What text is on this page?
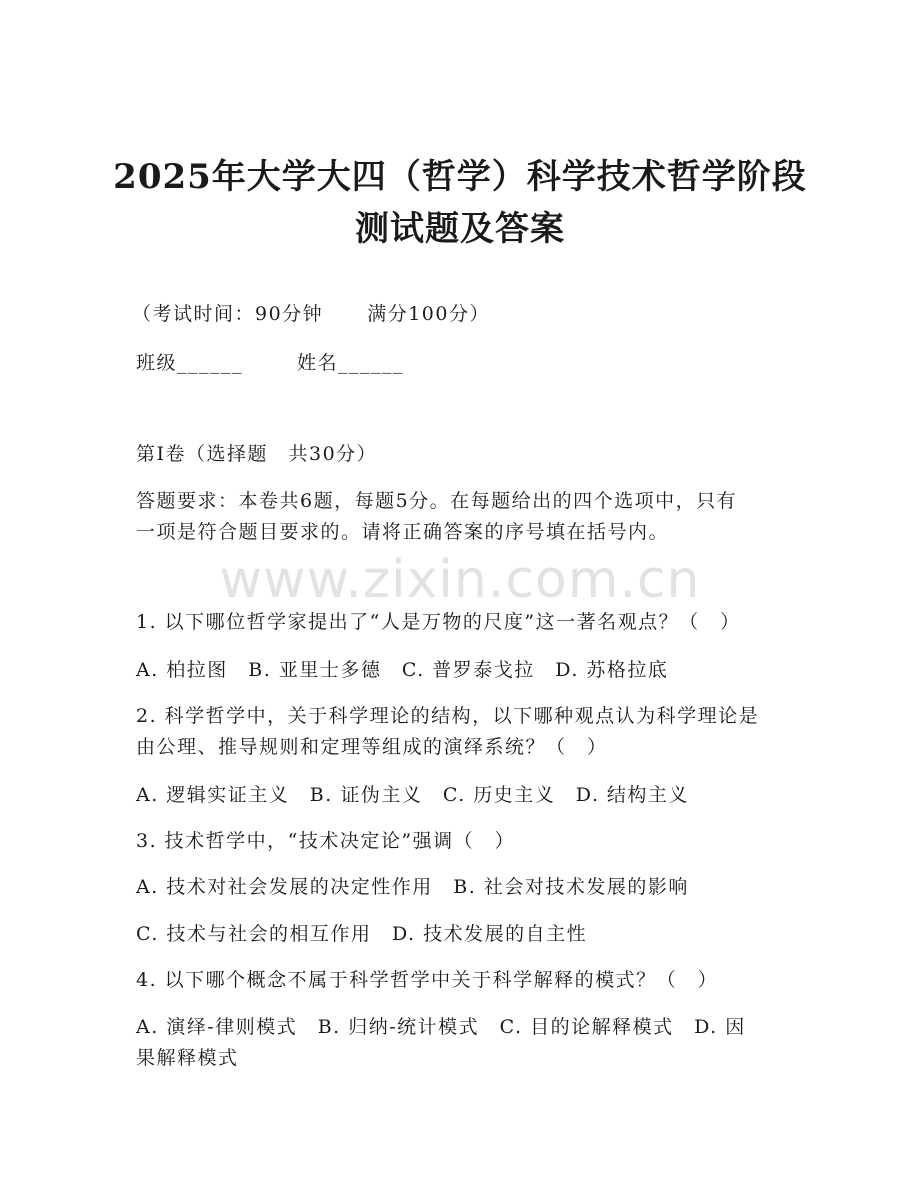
2025年大学大四（哲学）科学技术哲学阶段
测试题及答案
（考试时间：90分钟 满分100分）
班级______	姓名______
第I卷（选择题　共30分）
答题要求：本卷共6题，每题5分。在每题给出的四个选项中，只有
一项是符合题目要求的。请将正确答案的序号填在括号内。
www.zixin.com.cn
1. 以下哪位哲学家提出了“人是万物的尺度”这一著名观点？（　）
A. 柏拉图　B. 亚里士多德　C. 普罗泰戈拉　D. 苏格拉底
2. 科学哲学中，关于科学理论的结构，以下哪种观点认为科学理论是
由公理、推导规则和定理等组成的演绎系统？（　）
A. 逻辑实证主义　B. 证伪主义　C. 历史主义　D. 结构主义
3. 技术哲学中，“技术决定论”强调（　）
A. 技术对社会发展的决定性作用　B. 社会对技术发展的影响
C. 技术与社会的相互作用　D. 技术发展的自主性
4. 以下哪个概念不属于科学哲学中关于科学解释的模式？（　）
A. 演绎-律则模式　B. 归纳-统计模式　C. 目的论解释模式　D. 因
果解释模式
